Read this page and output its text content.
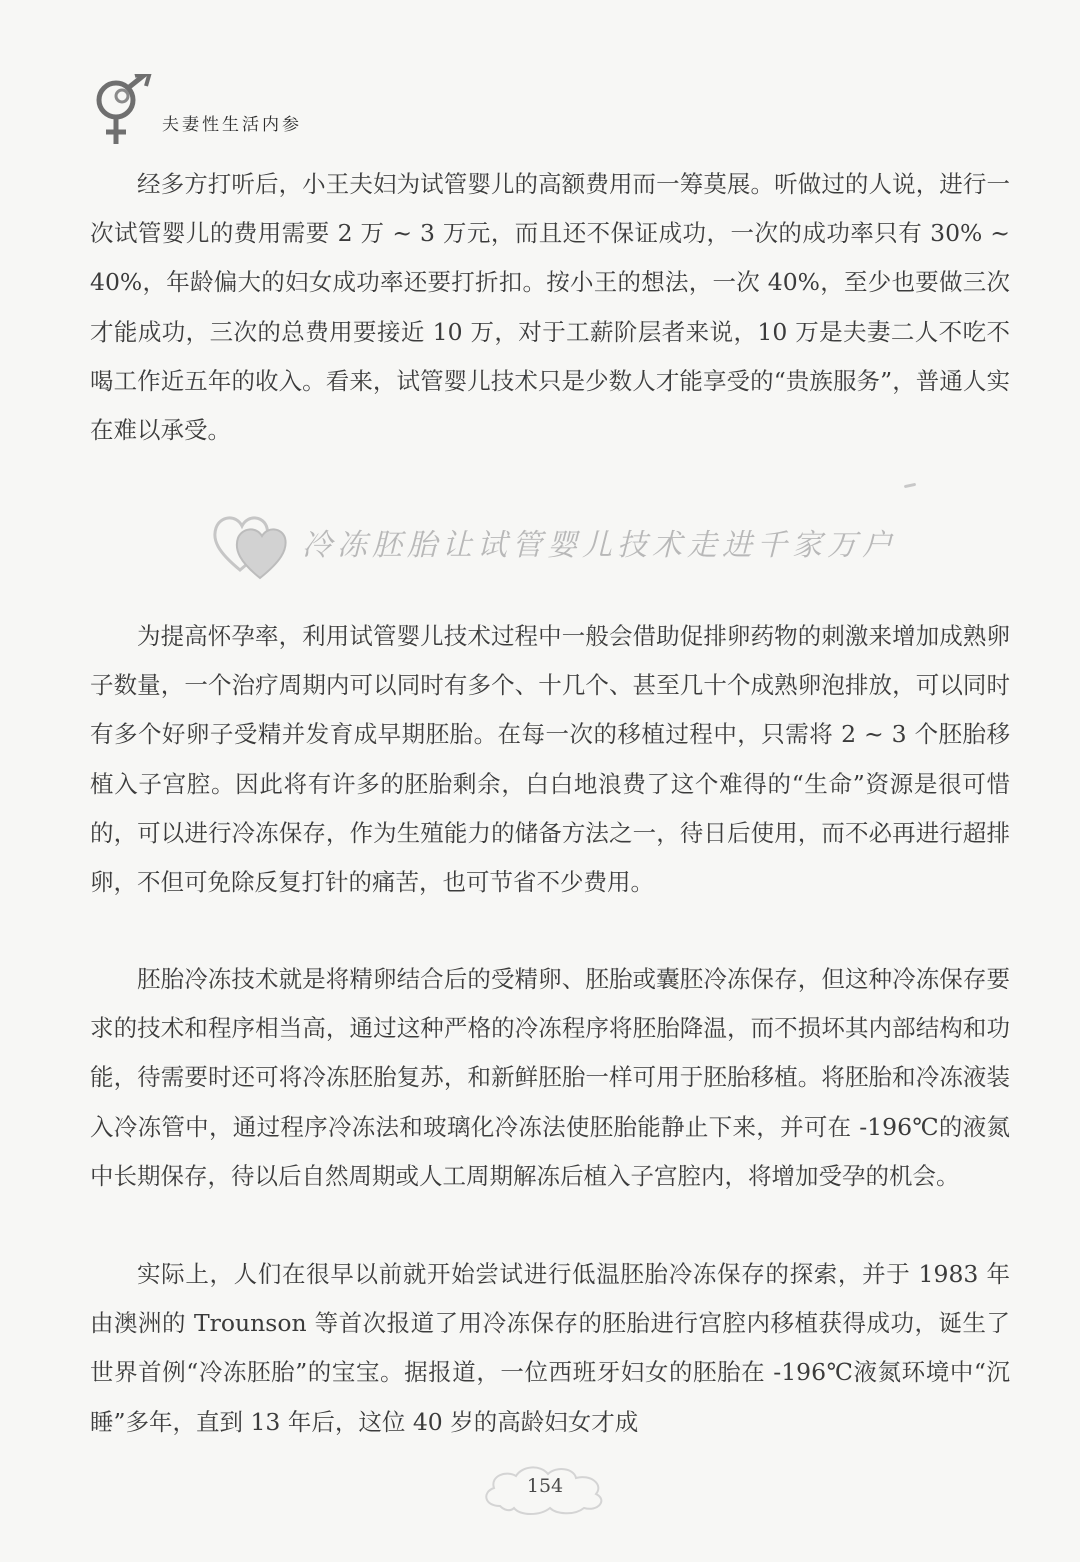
夫妻性生活内参

经多方打听后，小王夫妇为试管婴儿的高额费用而一筹莫展。听做过的人说，进行一次试管婴儿的费用需要 2 万 ~ 3 万元，而且还不保证成功，一次的成功率只有 30% ~ 40%，年龄偏大的妇女成功率还要打折扣。按小王的想法，一次 40%，至少也要做三次才能成功，三次的总费用要接近 10 万，对于工薪阶层者来说，10 万是夫妻二人不吃不喝工作近五年的收入。看来，试管婴儿技术只是少数人才能享受的“贵族服务”，普通人实在难以承受。

冷冻胚胎让试管婴儿技术走进千家万户

为提高怀孕率，利用试管婴儿技术过程中一般会借助促排卵药物的刺激来增加成熟卵子数量，一个治疗周期内可以同时有多个、十几个、甚至几十个成熟卵泡排放，可以同时有多个好卵子受精并发育成早期胚胎。在每一次的移植过程中，只需将 2 ~ 3 个胚胎移植入子宫腔。因此将有许多的胚胎剩余，白白地浪费了这个难得的“生命”资源是很可惜的，可以进行冷冻保存，作为生殖能力的储备方法之一，待日后使用，而不必再进行超排卵，不但可免除反复打针的痛苦，也可节省不少费用。

胚胎冷冻技术就是将精卵结合后的受精卵、胚胎或囊胚冷冻保存，但这种冷冻保存要求的技术和程序相当高，通过这种严格的冷冻程序将胚胎降温，而不损坏其内部结构和功能，待需要时还可将冷冻胚胎复苏，和新鲜胚胎一样可用于胚胎移植。将胚胎和冷冻液装入冷冻管中，通过程序冷冻法和玻璃化冷冻法使胚胎能静止下来，并可在 -196℃的液氮中长期保存，待以后自然周期或人工周期解冻后植入子宫腔内，将增加受孕的机会。

实际上，人们在很早以前就开始尝试进行低温胚胎冷冻保存的探索，并于 1983 年由澳洲的 Trounson 等首次报道了用冷冻保存的胚胎进行宫腔内移植获得成功，诞生了世界首例“冷冻胚胎”的宝宝。据报道，一位西班牙妇女的胚胎在 -196℃液氮环境中“沉睡”多年，直到 13 年后，这位 40 岁的高龄妇女才成

154
